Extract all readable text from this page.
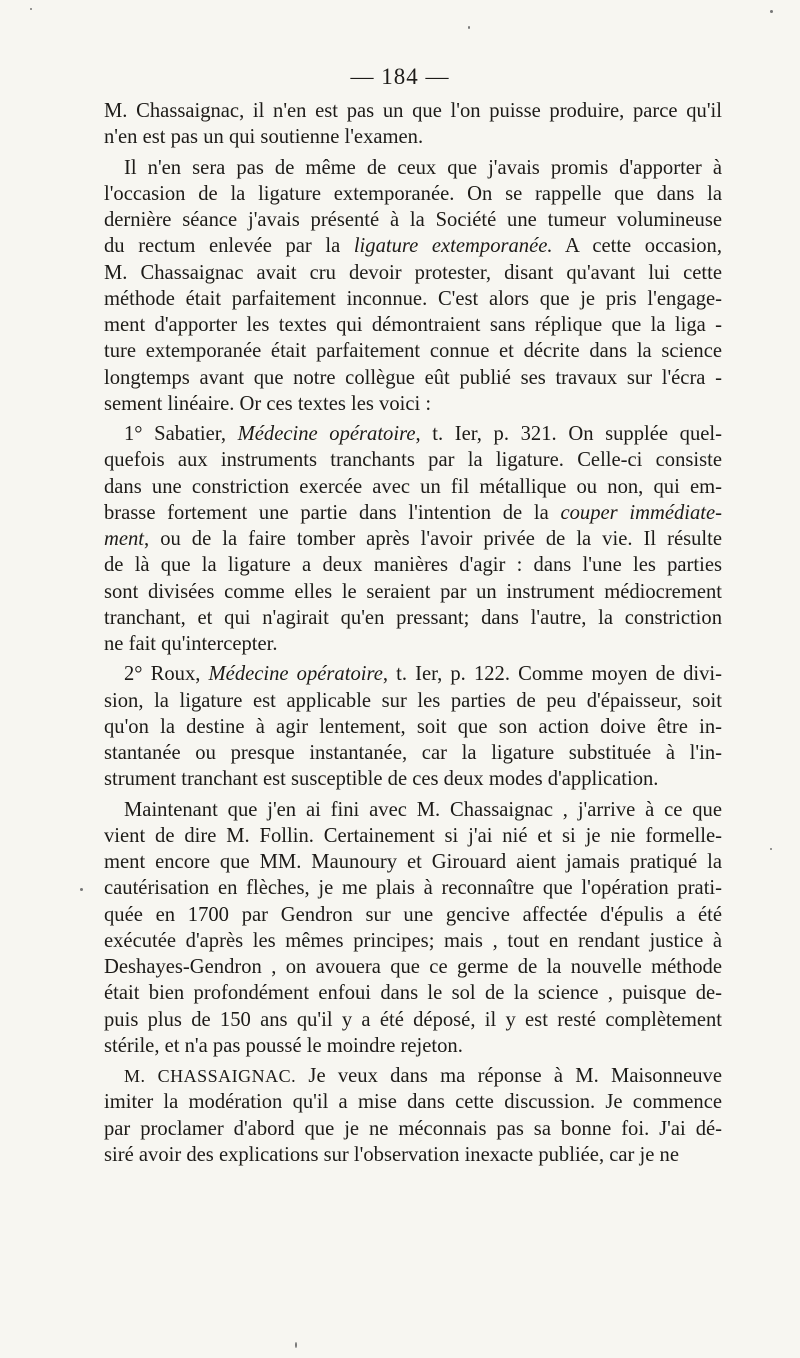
— 184 —
M. Chassaignac, il n'en est pas un que l'on puisse produire, parce qu'il
n'en est pas un qui soutienne l'examen.
Il n'en sera pas de même de ceux que j'avais promis d'apporter à
l'occasion de la ligature extemporanée. On se rappelle que dans la
dernière séance j'avais présenté à la Société une tumeur volumineuse
du rectum enlevée par la ligature extemporanée. A cette occasion,
M. Chassaignac avait cru devoir protester, disant qu'avant lui cette
méthode était parfaitement inconnue. C'est alors que je pris l'engage-
ment d'apporter les textes qui démontraient sans réplique que la liga -
ture extemporanée était parfaitement connue et décrite dans la science
longtemps avant que notre collègue eût publié ses travaux sur l'écra -
sement linéaire. Or ces textes les voici :
1° Sabatier, Médecine opératoire, t. Ier, p. 321. On supplée quel-
quefois aux instruments tranchants par la ligature. Celle-ci consiste
dans une constriction exercée avec un fil métallique ou non, qui em-
brasse fortement une partie dans l'intention de la couper immédiate-
ment, ou de la faire tomber après l'avoir privée de la vie. Il résulte
de là que la ligature a deux manières d'agir : dans l'une les parties
sont divisées comme elles le seraient par un instrument médiocrement
tranchant, et qui n'agirait qu'en pressant; dans l'autre, la constriction
ne fait qu'intercepter.
2° Roux, Médecine opératoire, t. Ier, p. 122. Comme moyen de divi-
sion, la ligature est applicable sur les parties de peu d'épaisseur, soit
qu'on la destine à agir lentement, soit que son action doive être in-
stantanée ou presque instantanée, car la ligature substituée à l'in-
strument tranchant est susceptible de ces deux modes d'application.
Maintenant que j'en ai fini avec M. Chassaignac , j'arrive à ce que
vient de dire M. Follin. Certainement si j'ai nié et si je nie formelle-
ment encore que MM. Maunoury et Girouard aient jamais pratiqué la
cautérisation en flèches, je me plais à reconnaître que l'opération prati-
quée en 1700 par Gendron sur une gencive affectée d'épulis a été
exécutée d'après les mêmes principes; mais , tout en rendant justice à
Deshayes-Gendron , on avouera que ce germe de la nouvelle méthode
était bien profondément enfoui dans le sol de la science , puisque de-
puis plus de 150 ans qu'il y a été déposé, il y est resté complètement
stérile, et n'a pas poussé le moindre rejeton.
M. CHASSAIGNAC. Je veux dans ma réponse à M. Maisonneuve
imiter la modération qu'il a mise dans cette discussion. Je commence
par proclamer d'abord que je ne méconnais pas sa bonne foi. J'ai dé-
siré avoir des explications sur l'observation inexacte publiée, car je ne
